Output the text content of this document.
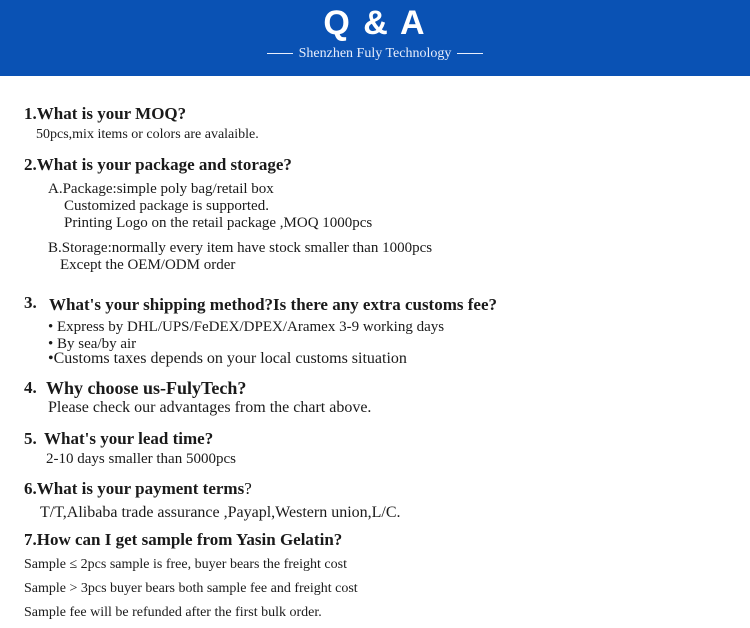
Q & A
Shenzhen Fuly Technology
1.What is your MOQ?
50pcs,mix items or colors are avalaible.
2.What is your package and storage?
A.Package:simple poly bag/retail box
Customized package is supported.
Printing Logo on the retail package ,MOQ 1000pcs
B.Storage:normally every item have stock smaller than 1000pcs
Except the OEM/ODM order
3. What's your shipping method?Is there any extra customs fee?
• Express by DHL/UPS/FeDEX/DPEX/Aramex 3-9 working days
• By sea/by air
•Customs taxes depends on your local customs situation
4. Why choose us-FulyTech?
Please check our advantages from the chart above.
5. What's your lead time?
2-10 days smaller than 5000pcs
6.What is your payment terms?
T/T,Alibaba trade assurance ,Payapl,Western union,L/C.
7.How can I get sample from Yasin Gelatin?
Sample ≤ 2pcs sample is free, buyer bears the freight cost
Sample > 3pcs buyer bears both sample fee and freight cost
Sample fee will be refunded after the first bulk order.
